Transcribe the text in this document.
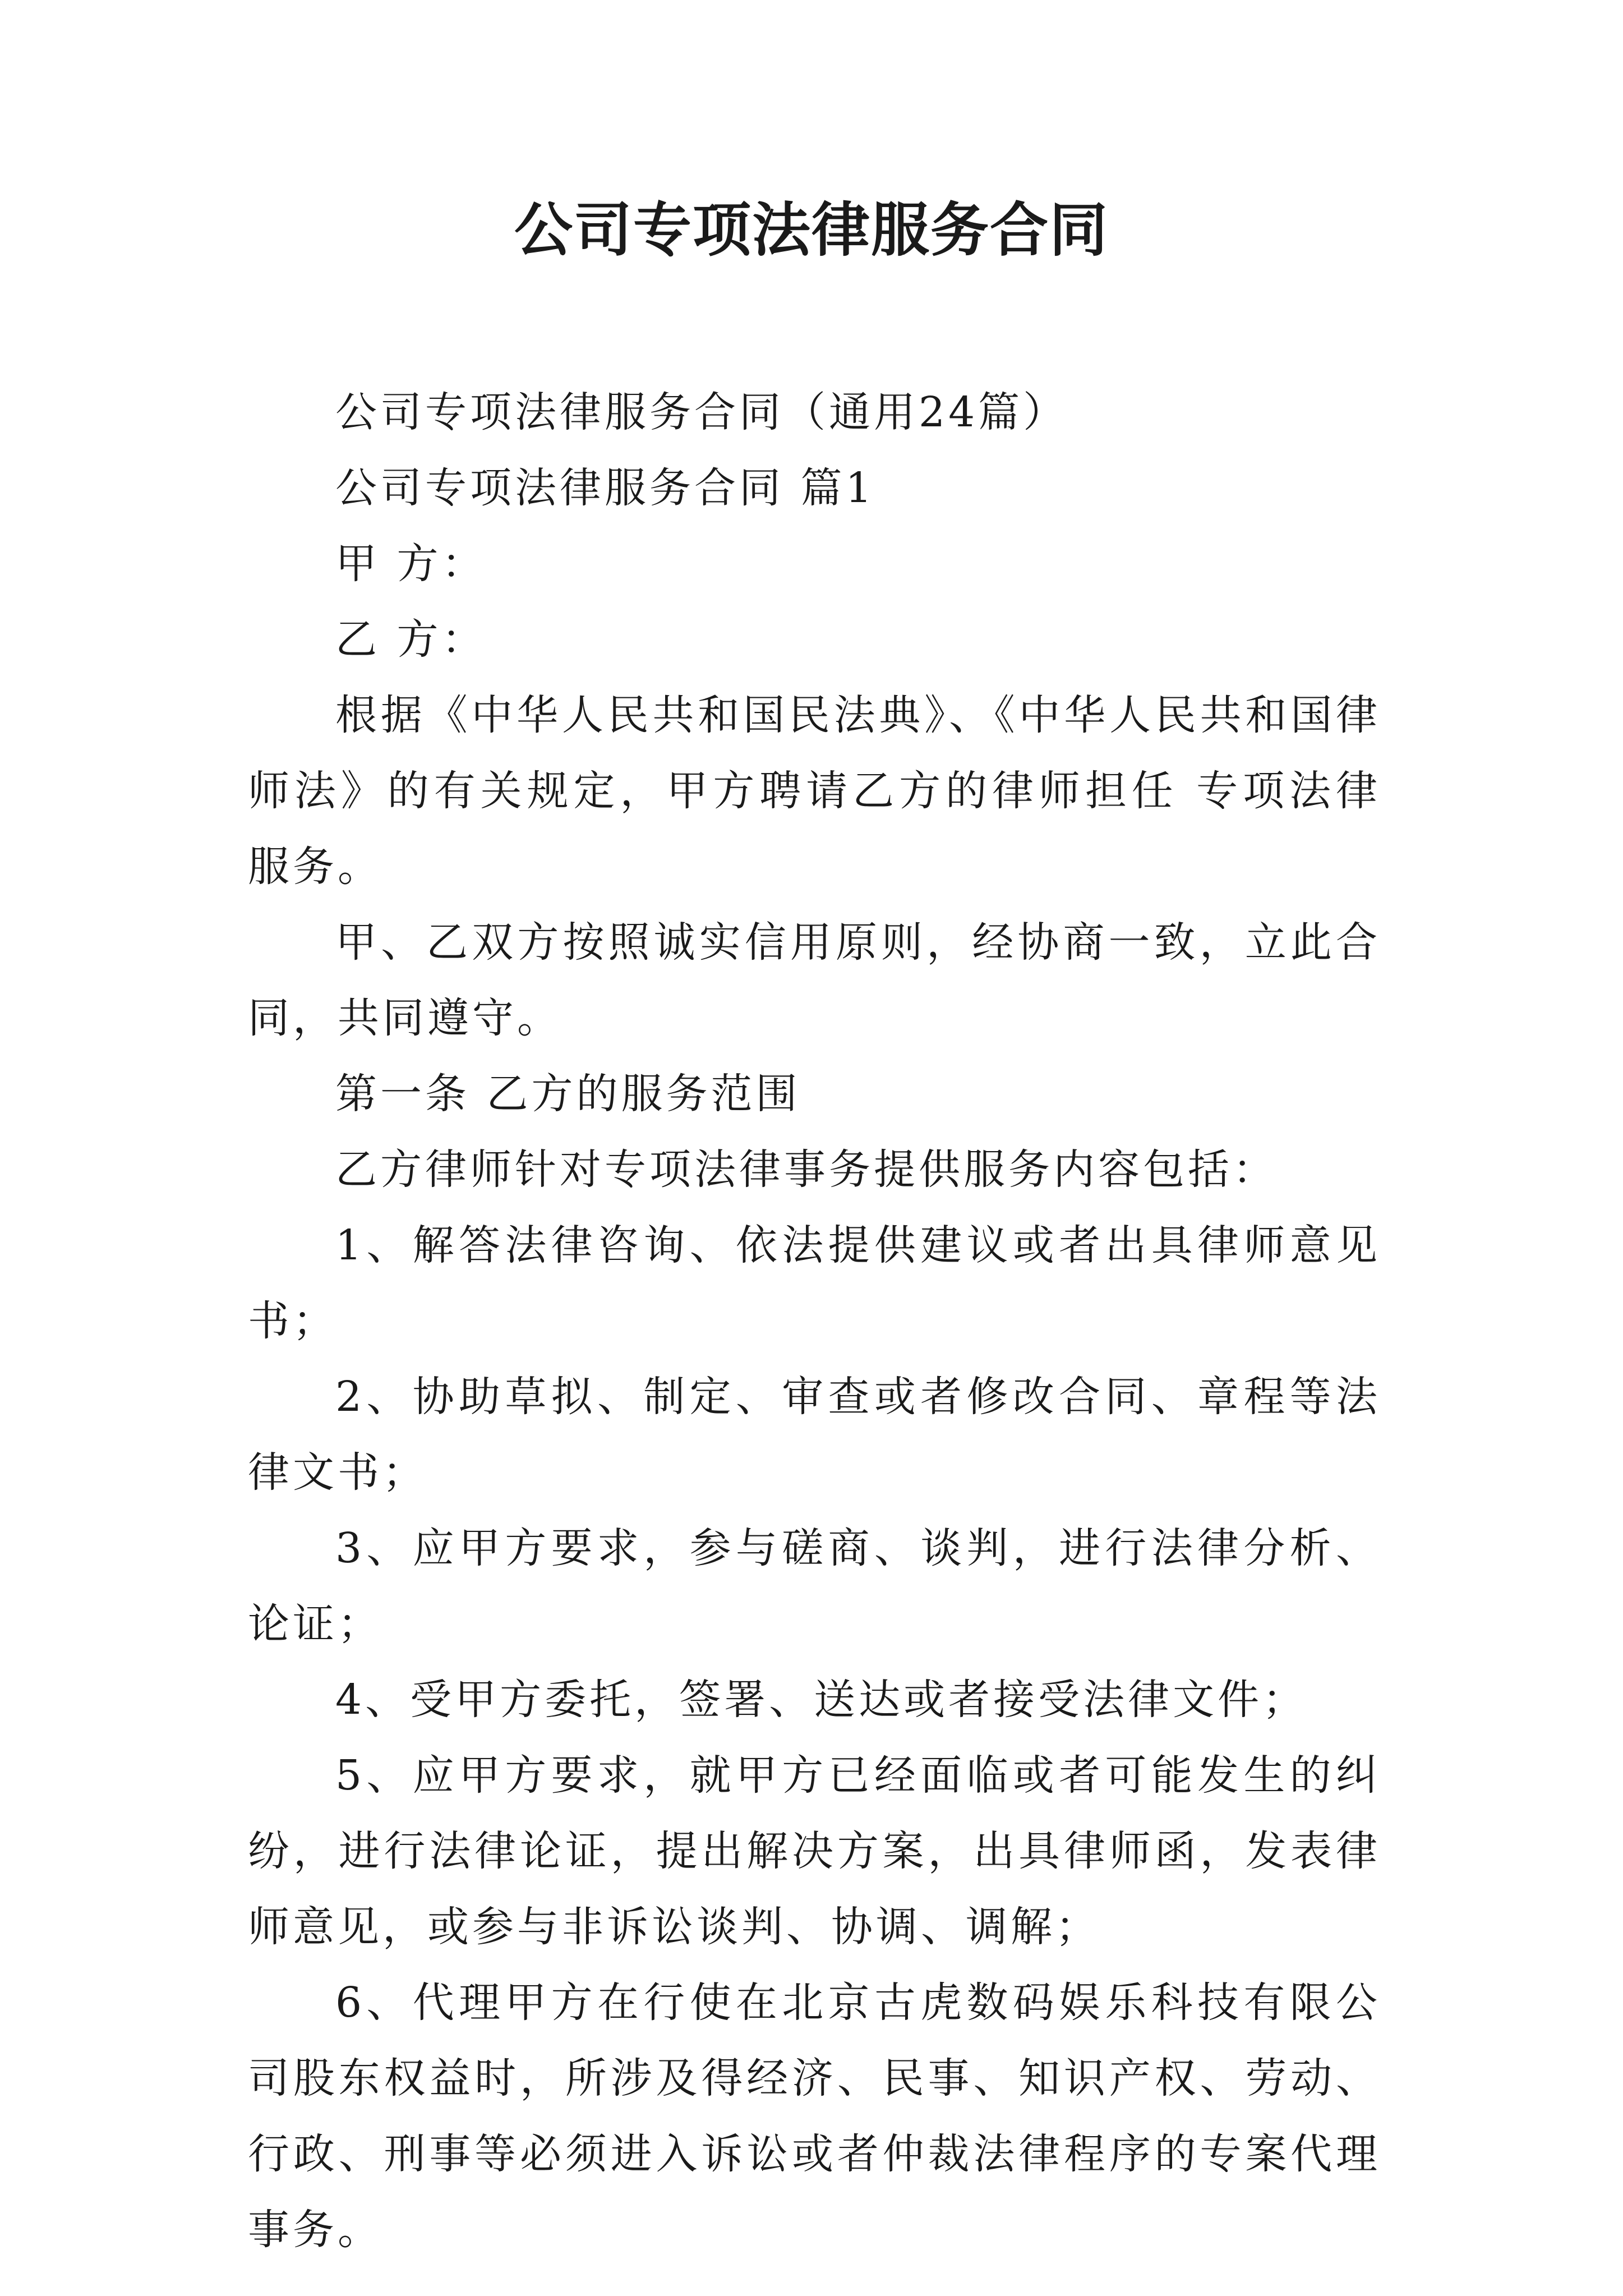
公司专项法律服务合同

公司专项法律服务合同（通用24篇）

公司专项法律服务合同 篇1

甲 方：

乙 方：

根据《中华人民共和国民法典》、《中华人民共和国律师法》的有关规定，甲方聘请乙方的律师担任 专项法律服务。

甲、乙双方按照诚实信用原则，经协商一致，立此合同，共同遵守。

第一条 乙方的服务范围

乙方律师针对专项法律事务提供服务内容包括：

1、解答法律咨询、依法提供建议或者出具律师意见书；

2、协助草拟、制定、审查或者修改合同、章程等法律文书；

3、应甲方要求，参与磋商、谈判，进行法律分析、论证；

4、受甲方委托，签署、送达或者接受法律文件；

5、应甲方要求，就甲方已经面临或者可能发生的纠纷，进行法律论证，提出解决方案，出具律师函，发表律师意见，或参与非诉讼谈判、协调、调解；

6、代理甲方在行使在北京古虎数码娱乐科技有限公司股东权益时，所涉及得经济、民事、知识产权、劳动、行政、刑事等必须进入诉讼或者仲裁法律程序的专案代理事务。
